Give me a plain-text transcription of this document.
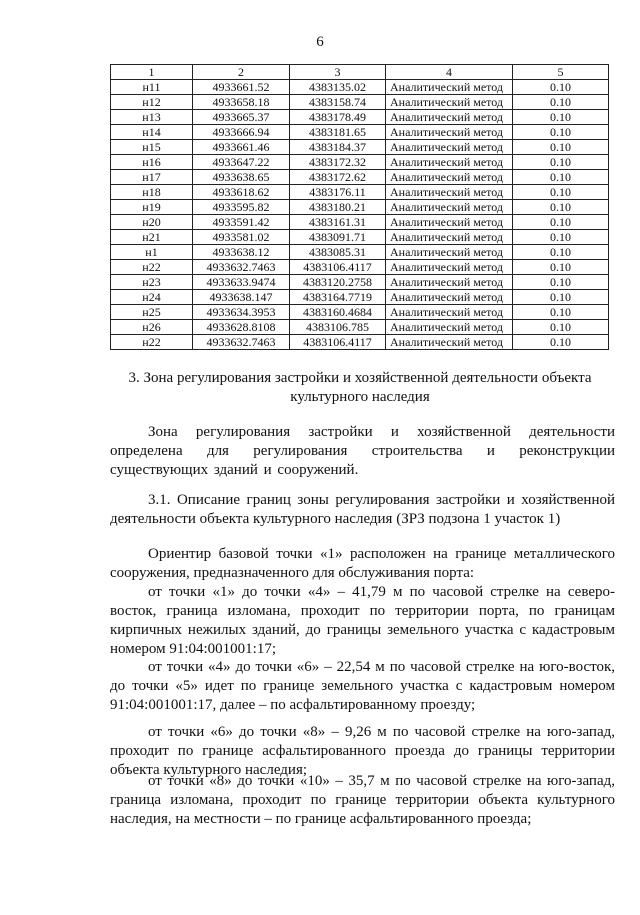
6
1	2	3	4	5
н11	4933661.52	4383135.02	Аналитический метод	0.10
н12	4933658.18	4383158.74	Аналитический метод	0.10
н13	4933665.37	4383178.49	Аналитический метод	0.10
н14	4933666.94	4383181.65	Аналитический метод	0.10
н15	4933661.46	4383184.37	Аналитический метод	0.10
н16	4933647.22	4383172.32	Аналитический метод	0.10
н17	4933638.65	4383172.62	Аналитический метод	0.10
н18	4933618.62	4383176.11	Аналитический метод	0.10
н19	4933595.82	4383180.21	Аналитический метод	0.10
н20	4933591.42	4383161.31	Аналитический метод	0.10
н21	4933581.02	4383091.71	Аналитический метод	0.10
н1	4933638.12	4383085.31	Аналитический метод	0.10
н22	4933632.7463	4383106.4117	Аналитический метод	0.10
н23	4933633.9474	4383120.2758	Аналитический метод	0.10
н24	4933638.147	4383164.7719	Аналитический метод	0.10
н25	4933634.3953	4383160.4684	Аналитический метод	0.10
н26	4933628.8108	4383106.785	Аналитический метод	0.10
н22	4933632.7463	4383106.4117	Аналитический метод	0.10
3. Зона регулирования застройки и хозяйственной деятельности объекта культурного наследия
Зона регулирования застройки и хозяйственной деятельности определена для регулирования строительства и реконструкции существующих зданий и сооружений.
3.1. Описание границ зоны регулирования застройки и хозяйственной деятельности объекта культурного наследия (ЗРЗ подзона 1 участок 1)
Ориентир базовой точки «1» расположен на границе металлического сооружения, предназначенного для обслуживания порта:
от точки «1» до точки «4» – 41,79 м по часовой стрелке на северо-восток, граница изломана, проходит по территории порта, по границам кирпичных нежилых зданий, до границы земельного участка с кадастровым номером 91:04:001001:17;
от точки «4» до точки «6» – 22,54 м по часовой стрелке на юго-восток, до точки «5» идет по границе земельного участка с кадастровым номером 91:04:001001:17, далее – по асфальтированному проезду;
от точки «6» до точки «8» – 9,26 м по часовой стрелке на юго-запад, проходит по границе асфальтированного проезда до границы территории объекта культурного наследия;
от точки «8» до точки «10» – 35,7 м по часовой стрелке на юго-запад, граница изломана, проходит по границе территории объекта культурного наследия, на местности – по границе асфальтированного проезда;
